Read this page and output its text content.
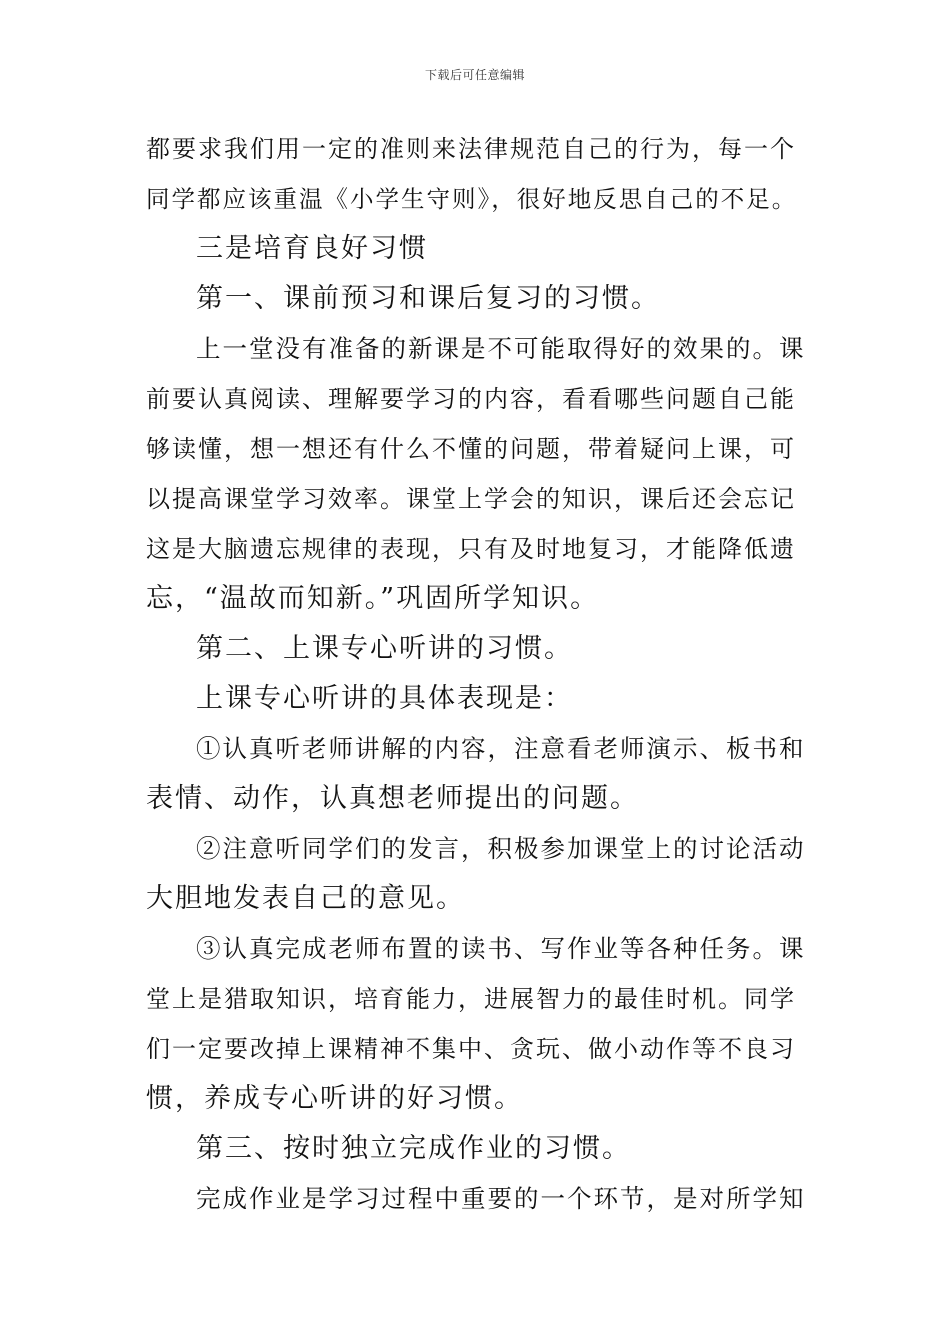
下载后可任意编辑
都要求我们用一定的准则来法律规范自己的行为，每一个
同学都应该重温《小学生守则》，很好地反思自己的不足。
三是培育良好习惯
第一、课前预习和课后复习的习惯。
上一堂没有准备的新课是不可能取得好的效果的。课
前要认真阅读、理解要学习的内容，看看哪些问题自己能
够读懂，想一想还有什么不懂的问题，带着疑问上课，可
以提高课堂学习效率。课堂上学会的知识，课后还会忘记
这是大脑遗忘规律的表现，只有及时地复习，才能降低遗
忘，“温故而知新。”巩固所学知识。
第二、上课专心听讲的习惯。
上课专心听讲的具体表现是：
①认真听老师讲解的内容，注意看老师演示、板书和
表情、动作，认真想老师提出的问题。
②注意听同学们的发言，积极参加课堂上的讨论活动
大胆地发表自己的意见。
③认真完成老师布置的读书、写作业等各种任务。课
堂上是猎取知识，培育能力，进展智力的最佳时机。同学
们一定要改掉上课精神不集中、贪玩、做小动作等不良习
惯，养成专心听讲的好习惯。
第三、按时独立完成作业的习惯。
完成作业是学习过程中重要的一个环节，是对所学知
